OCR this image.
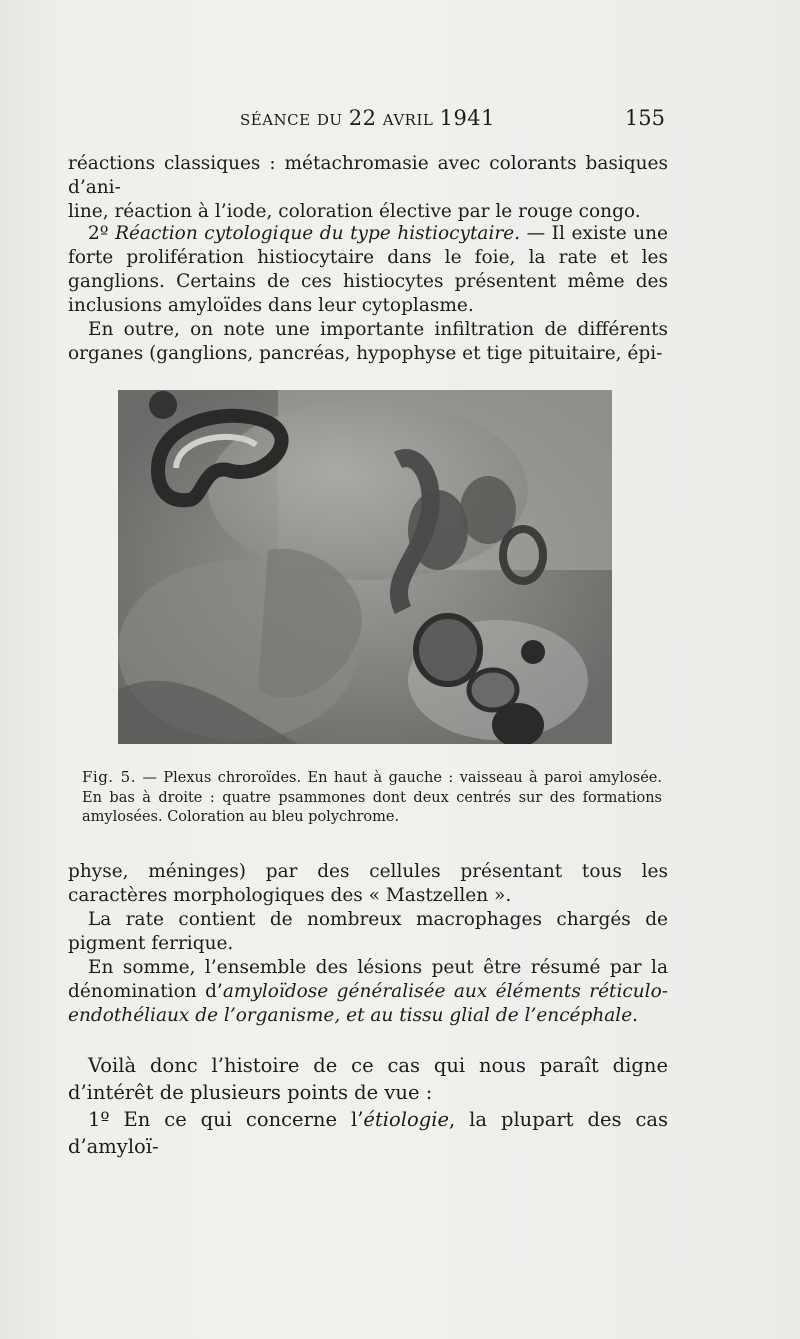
SÉANCE DU 22 AVRIL 1941	155

réactions classiques : métachromasie avec colorants basiques d’ani-
line, réaction à l’iode, coloration élective par le rouge congo.

2º Réaction cytologique du type histiocytaire. — Il existe une forte prolifération histiocytaire dans le foie, la rate et les ganglions. Certains de ces histiocytes présentent même des inclusions amyloïdes dans leur cytoplasme.

En outre, on note une importante infiltration de différents organes (ganglions, pancréas, hypophyse et tige pituitaire, épi-

Fig. 5. — Plexus chroroïdes. En haut à gauche : vaisseau à paroi amylosée. En bas à droite : quatre psammones dont deux centrés sur des formations amylosées. Coloration au bleu polychrome.

physe, méninges) par des cellules présentant tous les caractères morphologiques des « Mastzellen ».

La rate contient de nombreux macrophages chargés de pigment ferrique.

En somme, l’ensemble des lésions peut être résumé par la dénomination d’amyloïdose généralisée aux éléments réticulo-endothéliaux de l’organisme, et au tissu glial de l’encéphale.

Voilà donc l’histoire de ce cas qui nous paraît digne d’intérêt de plusieurs points de vue :

1º En ce qui concerne l’étiologie, la plupart des cas d’amyloï-
